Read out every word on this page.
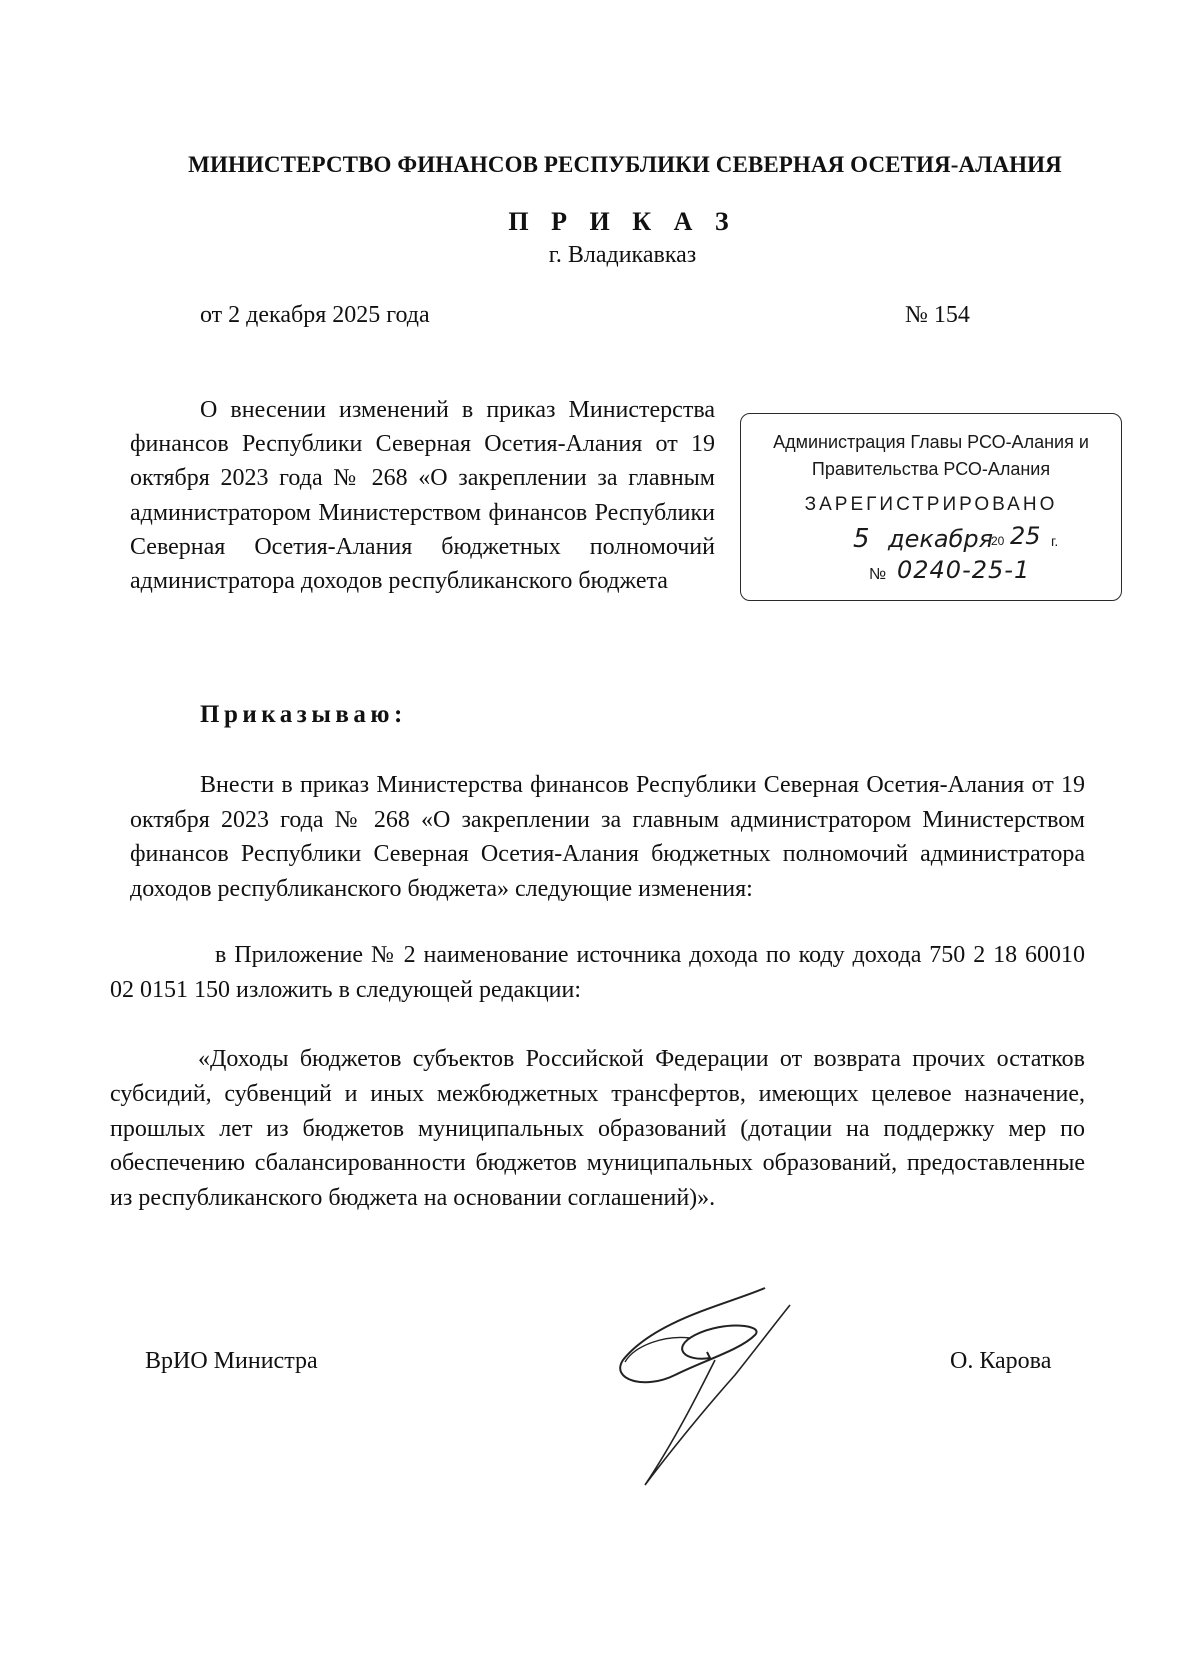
МИНИСТЕРСТВО ФИНАНСОВ РЕСПУБЛИКИ СЕВЕРНАЯ ОСЕТИЯ-АЛАНИЯ
П Р И К А З
г. Владикавказ
от 2 декабря 2025 года	№ 154
О внесении изменений в приказ Министерства финансов Республики Северная Осетия-Алания от 19 октября 2023 года № 268 «О закреплении за главным администратором Министерством финансов Республики Северная Осетия-Алания бюджетных полномочий администратора доходов республиканского бюджета
Администрация Главы РСО-Алания и
Правительства РСО-Алания
ЗАРЕГИСТРИРОВАНО
5 декабря
20 25 г.
№ 0240-25-1
Приказываю:
Внести в приказ Министерства финансов Республики Северная Осетия-Алания от 19 октября 2023 года № 268 «О закреплении за главным администратором Министерством финансов Республики Северная Осетия-Алания бюджетных полномочий администратора доходов республиканского бюджета» следующие изменения:
в Приложение № 2 наименование источника дохода по коду дохода 750 2 18 60010 02 0151 150 изложить в следующей редакции:
«Доходы бюджетов субъектов Российской Федерации от возврата прочих остатков субсидий, субвенций и иных межбюджетных трансфертов, имеющих целевое назначение, прошлых лет из бюджетов муниципальных образований (дотации на поддержку мер по обеспечению сбалансированности бюджетов муниципальных образований, предоставленные из республиканского бюджета на основании соглашений)».
ВрИО Министра	О. Карова
